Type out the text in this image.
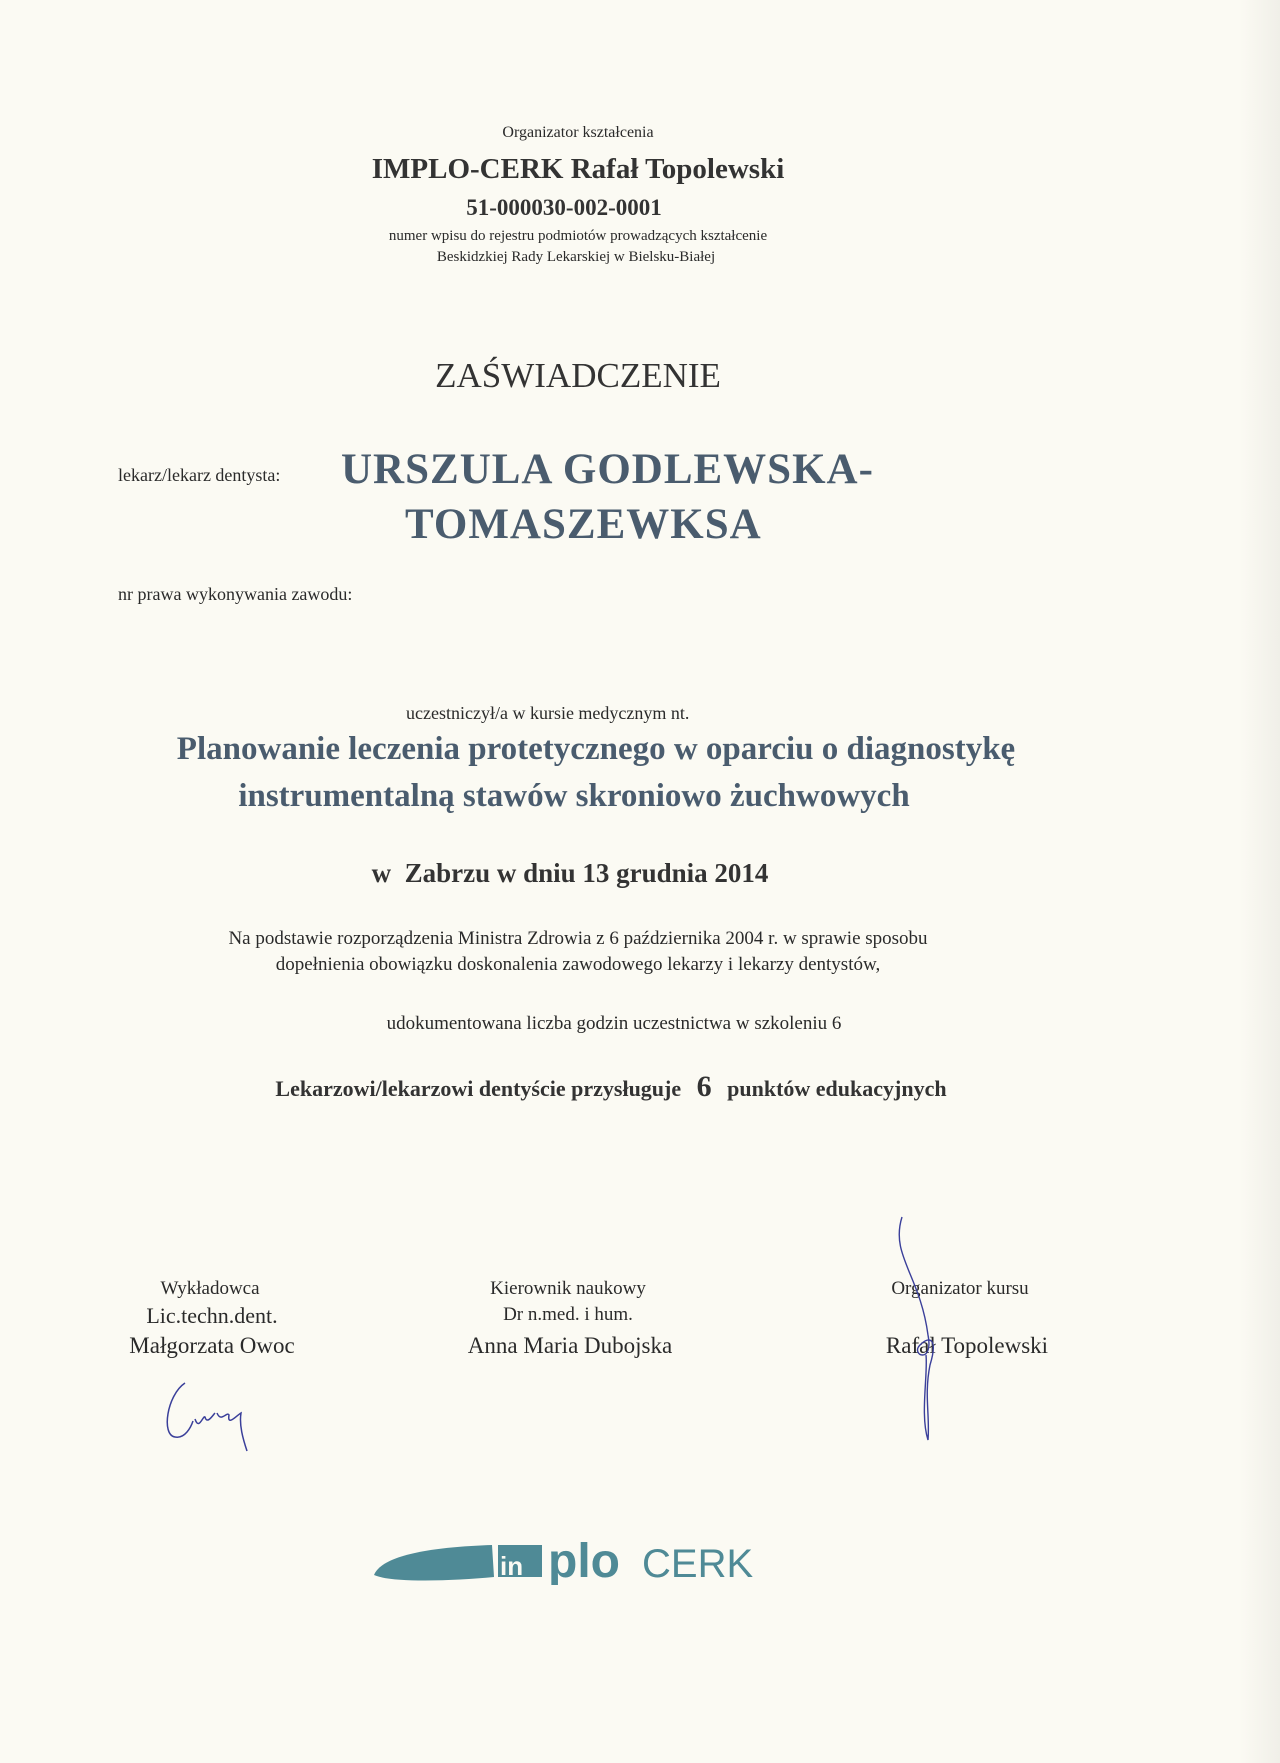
Organizator kształcenia
IMPLO-CERK Rafał Topolewski
51-000030-002-0001
numer wpisu do rejestru podmiotów prowadzących kształcenie
Beskidzkiej Rady Lekarskiej w Bielsku-Białej
ZAŚWIADCZENIE
lekarz/lekarz dentysta: URSZULA GODLEWSKA-
TOMASZEWKSA
nr prawa wykonywania zawodu:
uczestniczył/a w kursie medycznym nt.
Planowanie leczenia protetycznego w oparciu o diagnostykę
instrumentalną stawów skroniowo żuchwowych
w  Zabrzu w dniu 13 grudnia 2014
Na podstawie rozporządzenia Ministra Zdrowia z 6 października 2004 r. w sprawie sposobu
dopełnienia obowiązku doskonalenia zawodowego lekarzy i lekarzy dentystów,
udokumentowana liczba godzin uczestnictwa w szkoleniu 6
Lekarzowi/lekarzowi dentyście przysługuje 6 punktów edukacyjnych
Wykładowca
Lic.techn.dent.
Małgorzata Owoc
Kierownik naukowy
Dr n.med. i hum.
Anna Maria Dubojska
Organizator kursu
Rafał Topolewski
in plo CERK
